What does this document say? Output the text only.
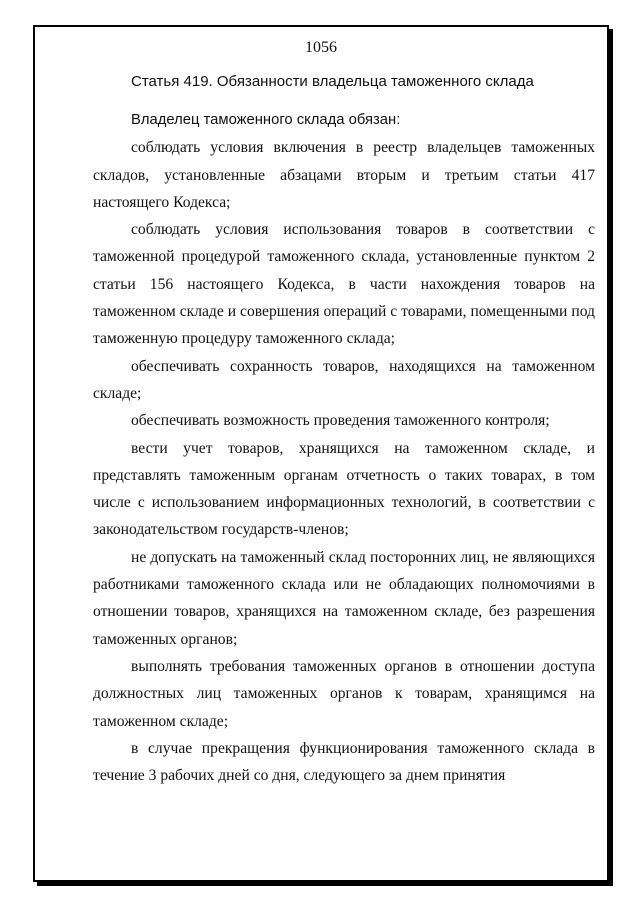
1056
Статья 419. Обязанности владельца таможенного склада

Владелец таможенного склада обязан:

соблюдать условия включения в реестр владельцев таможенных складов, установленные абзацами вторым и третьим статьи 417 настоящего Кодекса;

соблюдать условия использования товаров в соответствии с таможенной процедурой таможенного склада, установленные пунктом 2 статьи 156 настоящего Кодекса, в части нахождения товаров на таможенном складе и совершения операций с товарами, помещенными под таможенную процедуру таможенного склада;

обеспечивать сохранность товаров, находящихся на таможенном складе;

обеспечивать возможность проведения таможенного контроля;

вести учет товаров, хранящихся на таможенном складе, и представлять таможенным органам отчетность о таких товарах, в том числе с использованием информационных технологий, в соответствии с законодательством государств-членов;

не допускать на таможенный склад посторонних лиц, не являющихся работниками таможенного склада или не обладающих полномочиями в отношении товаров, хранящихся на таможенном складе, без разрешения таможенных органов;

выполнять требования таможенных органов в отношении доступа должностных лиц таможенных органов к товарам, хранящимся на таможенном складе;

в случае прекращения функционирования таможенного склада в течение 3 рабочих дней со дня, следующего за днем принятия
